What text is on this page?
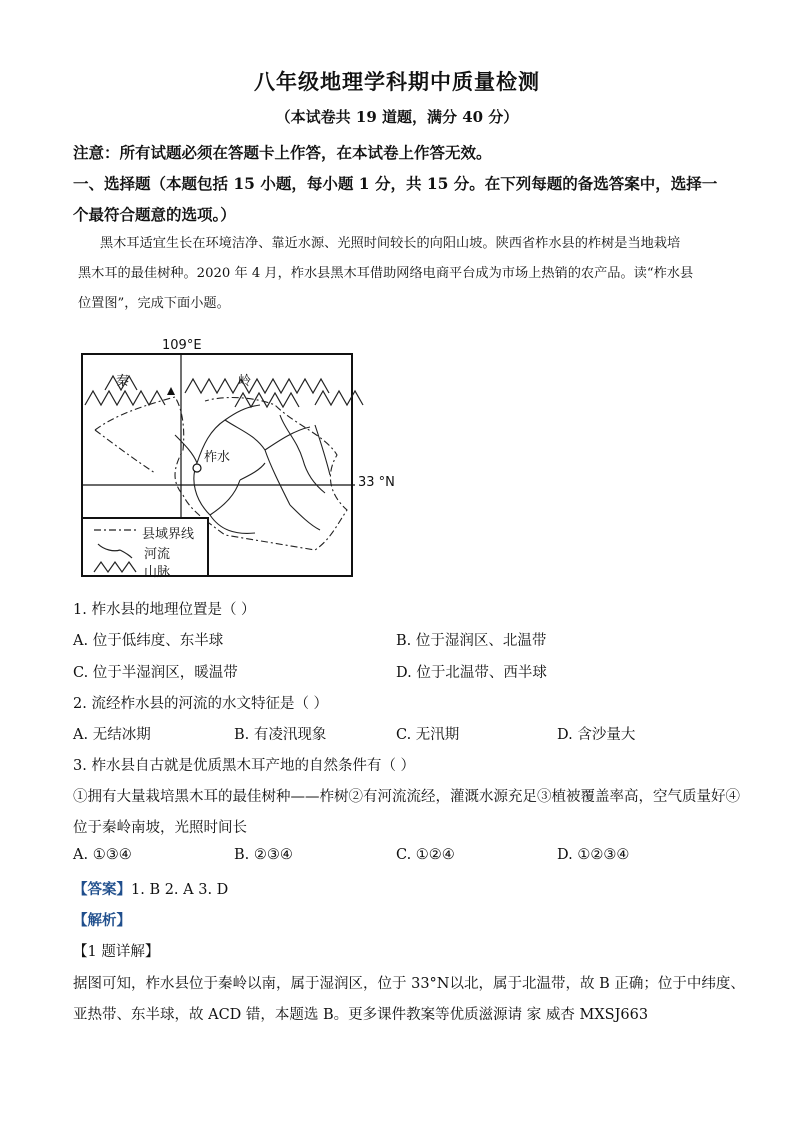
八年级地理学科期中质量检测
（本试卷共 19 道题，满分 40 分）
注意：所有试题必须在答题卡上作答，在本试卷上作答无效。
一、选择题（本题包括 15 小题，每小题 1 分，共 15 分。在下列每题的备选答案中，选择一
个最符合题意的选项。）
黑木耳适宜生长在环境洁净、靠近水源、光照时间较长的向阳山坡。陕西省柞水县的柞树是当地栽培
黑木耳的最佳树种。2020 年 4 月，柞水县黑木耳借助网络电商平台成为市场上热销的农产品。读“柞水县
位置图”，完成下面小题。
109°E
33 °N
秦	岭
柞水
县域界线
河流
山脉
1. 柞水县的地理位置是（ ）
A. 位于低纬度、东半球	B. 位于湿润区、北温带
C. 位于半湿润区，暖温带	D. 位于北温带、西半球
2. 流经柞水县的河流的水文特征是（ ）
A. 无结冰期	B. 有凌汛现象	C. 无汛期	D. 含沙量大
3. 柞水县自古就是优质黑木耳产地的自然条件有（ ）
①拥有大量栽培黑木耳的最佳树种——柞树②有河流流经，灌溉水源充足③植被覆盖率高，空气质量好④
位于秦岭南坡，光照时间长
A. ①③④	B. ②③④	C. ①②④	D. ①②③④
【答案】1. B 2. A 3. D
【解析】
【1 题详解】
据图可知，柞水县位于秦岭以南，属于湿润区，位于 33°N以北，属于北温带，故 B 正确；位于中纬度、
亚热带、东半球，故 ACD 错，本题选 B。更多课件教案等优质滋源请 家 威杏 MXSJ663
